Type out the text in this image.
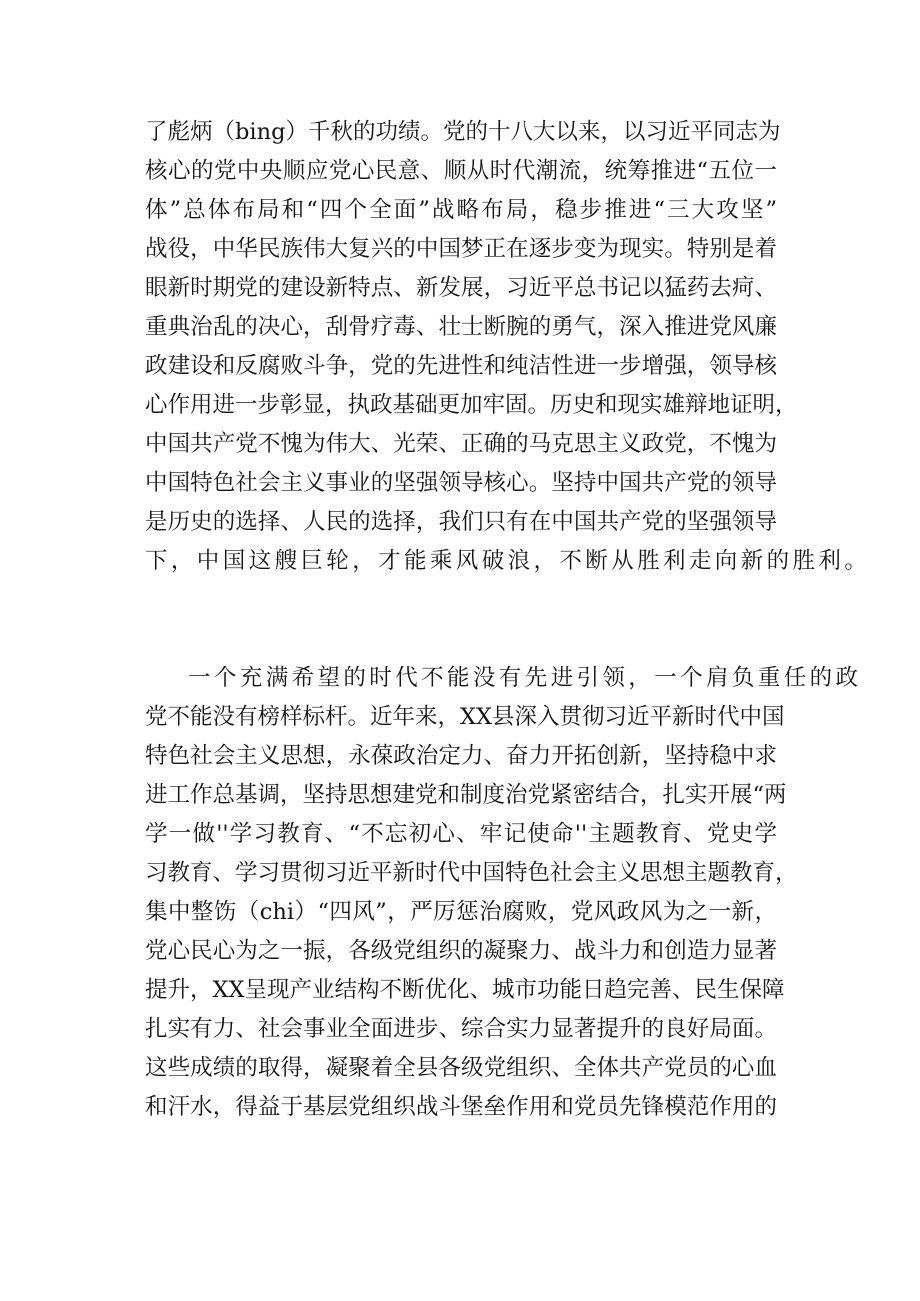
了彪炳（bing）千秋的功绩。党的十八大以来，以习近平同志为

核心的党中央顺应党心民意、顺从时代潮流，统筹推进“五位一

体”总体布局和“四个全面”战略布局，稳步推进“三大攻坚”

战役，中华民族伟大复兴的中国梦正在逐步变为现实。特别是着

眼新时期党的建设新特点、新发展，习近平总书记以猛药去疴、

重典治乱的决心，刮骨疗毒、壮士断腕的勇气，深入推进党风廉

政建设和反腐败斗争，党的先进性和纯洁性进一步增强，领导核

心作用进一步彰显，执政基础更加牢固。历史和现实雄辩地证明，

中国共产党不愧为伟大、光荣、正确的马克思主义政党，不愧为

中国特色社会主义事业的坚强领导核心。坚持中国共产党的领导

是历史的选择、人民的选择，我们只有在中国共产党的坚强领导

下，中国这艘巨轮，才能乘风破浪，不断从胜利走向新的胜利。

一个充满希望的时代不能没有先进引领，一个肩负重任的政

党不能没有榜样标杆。近年来，XX县深入贯彻习近平新时代中国

特色社会主义思想，永葆政治定力、奋力开拓创新，坚持稳中求

进工作总基调，坚持思想建党和制度治党紧密结合，扎实开展“两

学一做''学习教育、“不忘初心、牢记使命''主题教育、党史学

习教育、学习贯彻习近平新时代中国特色社会主义思想主题教育，

集中整饬（chi）“四风”，严厉惩治腐败，党风政风为之一新，

党心民心为之一振，各级党组织的凝聚力、战斗力和创造力显著

提升，XX呈现产业结构不断优化、城市功能日趋完善、民生保障

扎实有力、社会事业全面进步、综合实力显著提升的良好局面。

这些成绩的取得，凝聚着全县各级党组织、全体共产党员的心血

和汗水，得益于基层党组织战斗堡垒作用和党员先锋模范作用的
